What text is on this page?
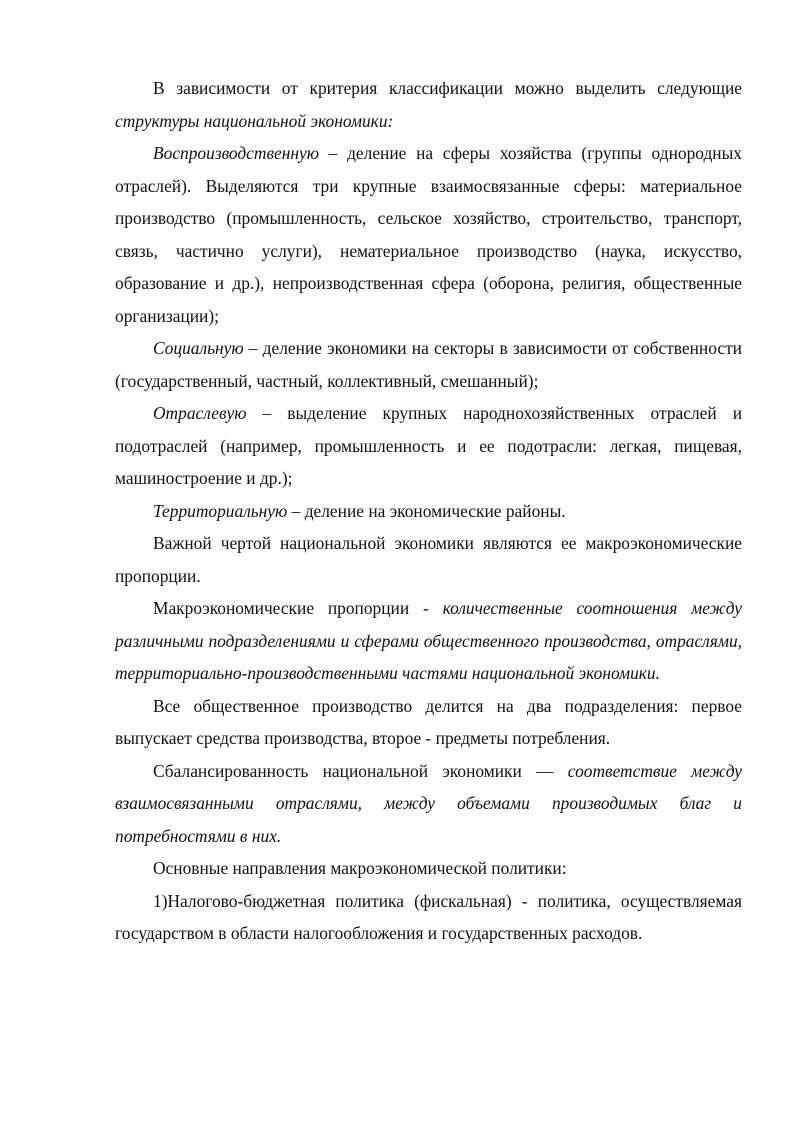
В зависимости от критерия классификации можно выделить следующие структуры национальной экономики:

Воспроизводственную – деление на сферы хозяйства (группы однородных отраслей). Выделяются три крупные взаимосвязанные сферы: материальное производство (промышленность, сельское хозяйство, строительство, транспорт, связь, частично услуги), нематериальное производство (наука, искусство, образование и др.), непроизводственная сфера (оборона, религия, общественные организации);

Социальную – деление экономики на секторы в зависимости от собственности (государственный, частный, коллективный, смешанный);

Отраслевую – выделение крупных народнохозяйственных отраслей и подотраслей (например, промышленность и ее подотрасли: легкая, пищевая, машиностроение и др.);

Территориальную – деление на экономические районы.

Важной чертой национальной экономики являются ее макроэкономические пропорции.

Макроэкономические пропорции - количественные соотношения между различными подразделениями и сферами общественного производства, отраслями, территориально-производственными частями национальной экономики.

Все общественное производство делится на два подразделения: первое выпускает средства производства, второе - предметы потребления.

Сбалансированность национальной экономики — соответствие между взаимосвязанными отраслями, между объемами производимых благ и потребностями в них.

Основные направления макроэкономической политики:

1)Налогово-бюджетная политика (фискальная) - политика, осуществляемая государством в области налогообложения и государственных расходов.
